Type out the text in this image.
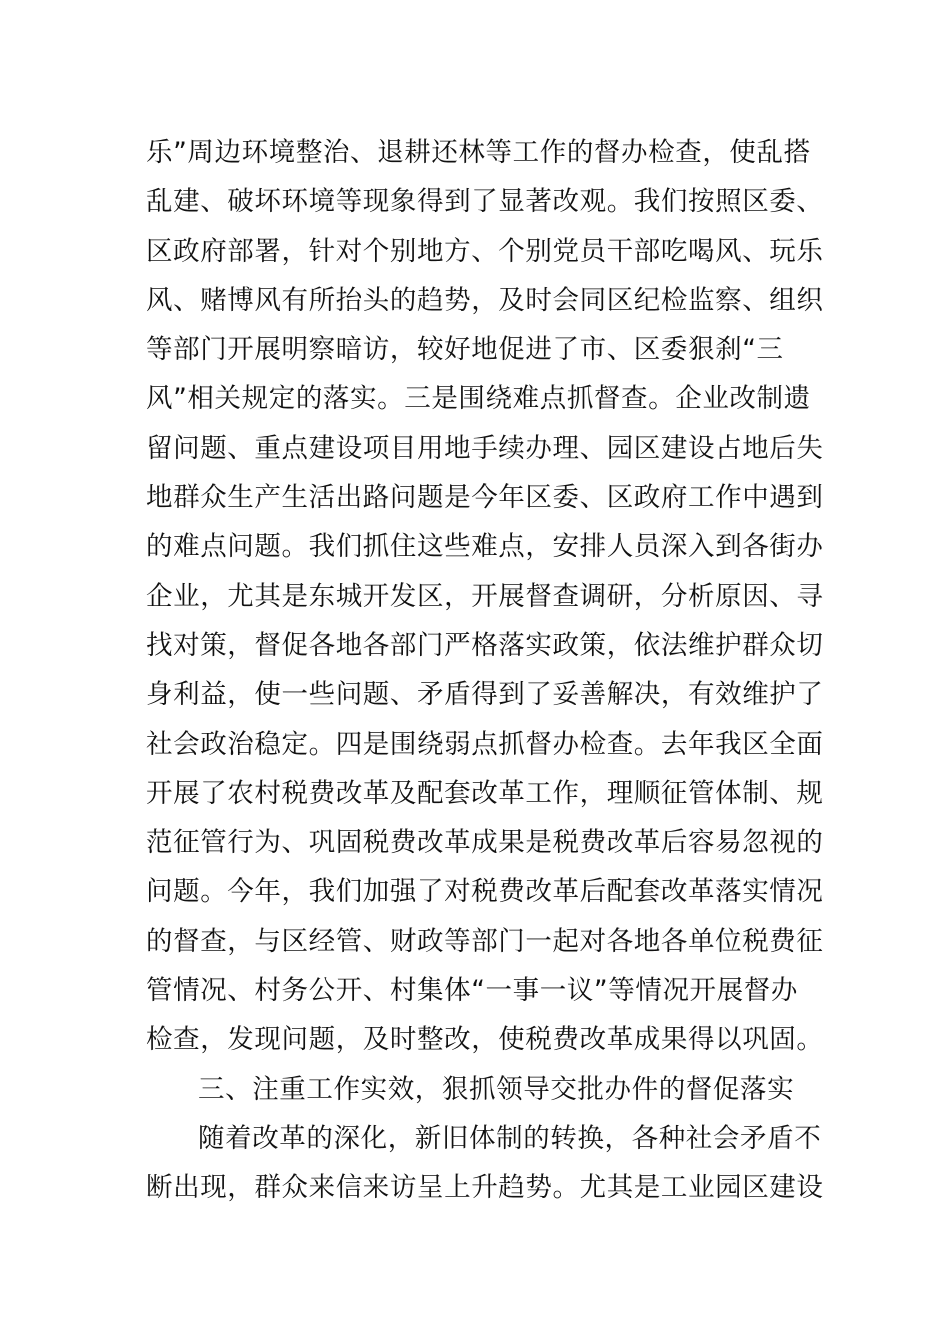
乐”周边环境整治、退耕还林等工作的督办检查，使乱搭
乱建、破坏环境等现象得到了显著改观。我们按照区委、
区政府部署，针对个别地方、个别党员干部吃喝风、玩乐
风、赌博风有所抬头的趋势，及时会同区纪检监察、组织
等部门开展明察暗访，较好地促进了市、区委狠刹“三
风”相关规定的落实。三是围绕难点抓督查。企业改制遗
留问题、重点建设项目用地手续办理、园区建设占地后失
地群众生产生活出路问题是今年区委、区政府工作中遇到
的难点问题。我们抓住这些难点，安排人员深入到各街办
企业，尤其是东城开发区，开展督查调研，分析原因、寻
找对策，督促各地各部门严格落实政策，依法维护群众切
身利益，使一些问题、矛盾得到了妥善解决，有效维护了
社会政治稳定。四是围绕弱点抓督办检查。去年我区全面
开展了农村税费改革及配套改革工作，理顺征管体制、规
范征管行为、巩固税费改革成果是税费改革后容易忽视的
问题。今年，我们加强了对税费改革后配套改革落实情况
的督查，与区经管、财政等部门一起对各地各单位税费征
管情况、村务公开、村集体“一事一议”等情况开展督办
检查，发现问题，及时整改，使税费改革成果得以巩固。
三、注重工作实效，狠抓领导交批办件的督促落实
随着改革的深化，新旧体制的转换，各种社会矛盾不
断出现，群众来信来访呈上升趋势。尤其是工业园区建设
